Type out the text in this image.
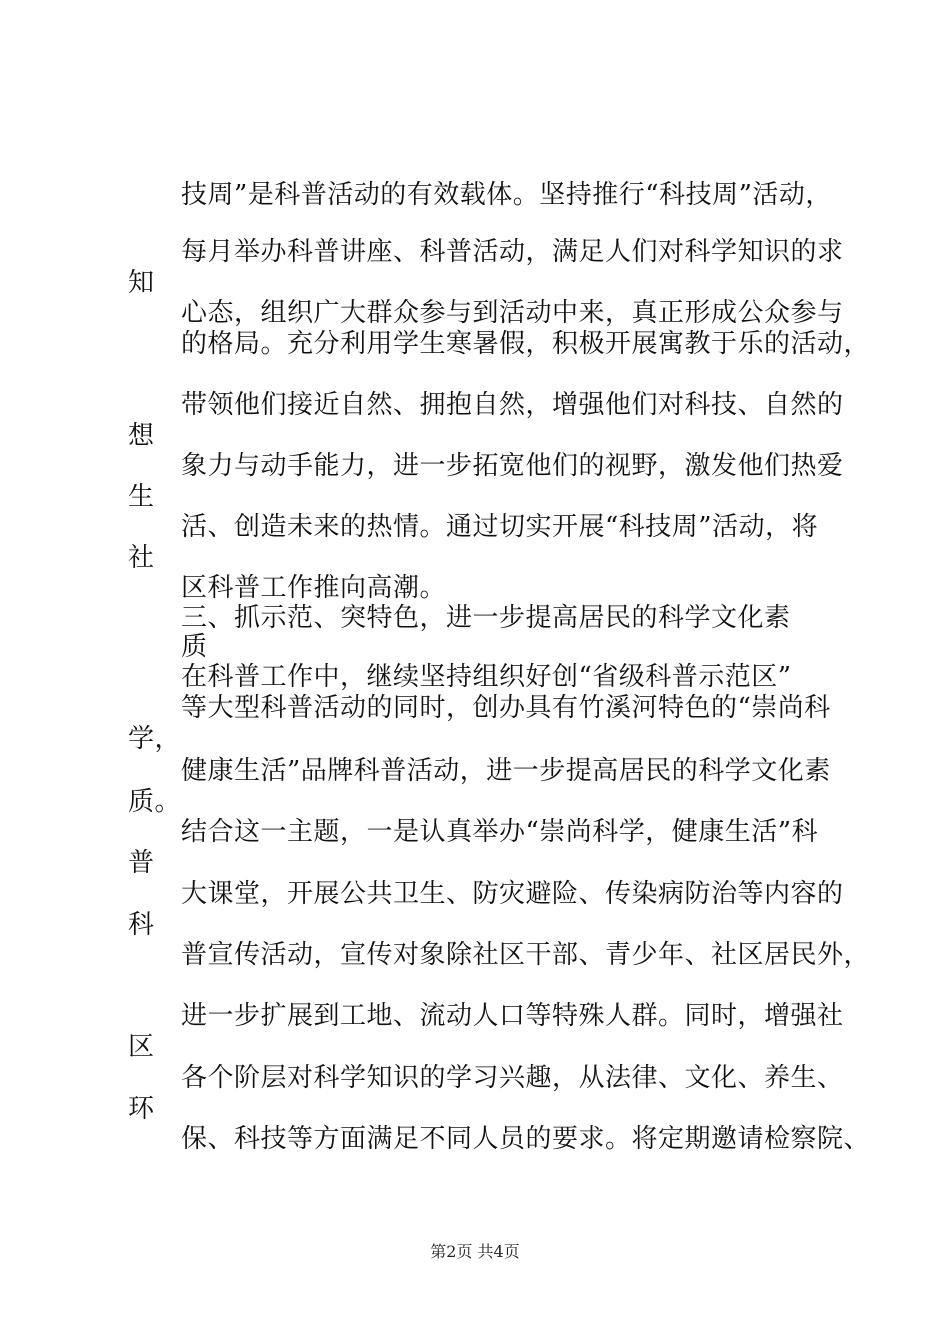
技周”是科普活动的有效载体。坚持推行“科技周”活动，
每月举办科普讲座、科普活动，满足人们对科学知识的求
知
心态，组织广大群众参与到活动中来，真正形成公众参与
的格局。充分利用学生寒暑假，积极开展寓教于乐的活动，
带领他们接近自然、拥抱自然，增强他们对科技、自然的
想
象力与动手能力，进一步拓宽他们的视野，激发他们热爱
生
活、创造未来的热情。通过切实开展“科技周”活动，将
社
区科普工作推向高潮。
三、抓示范、突特色，进一步提高居民的科学文化素
质
在科普工作中，继续坚持组织好创“省级科普示范区”
等大型科普活动的同时，创办具有竹溪河特色的“崇尚科
学，
健康生活”品牌科普活动，进一步提高居民的科学文化素
质。
结合这一主题，一是认真举办“崇尚科学，健康生活”科
普
大课堂，开展公共卫生、防灾避险、传染病防治等内容的
科
普宣传活动，宣传对象除社区干部、青少年、社区居民外，
进一步扩展到工地、流动人口等特殊人群。同时，增强社
区
各个阶层对科学知识的学习兴趣，从法律、文化、养生、
环
保、科技等方面满足不同人员的要求。将定期邀请检察院、
第2页 共4页
